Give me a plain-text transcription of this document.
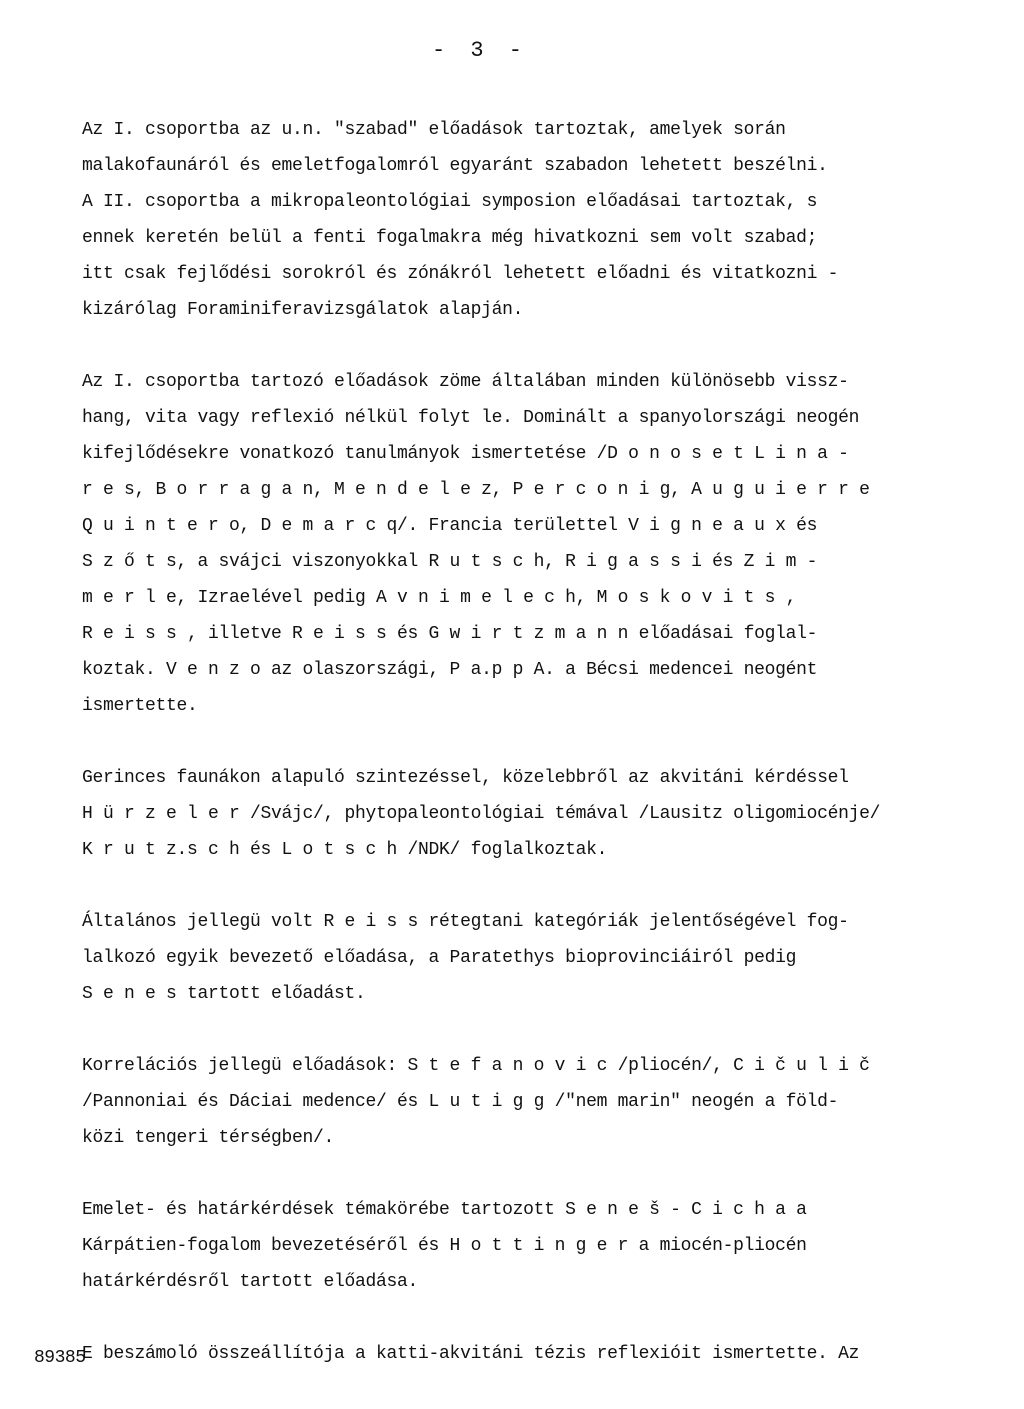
- 3 -
Az I. csoportba az u.n. "szabad" előadások tartoztak, amelyek során
malakofaunáról és emeletfogalomról egyaránt szabadon lehetett beszélni.
A II. csoportba a mikropaleontológiai symposion előadásai tartoztak, s
ennek keretén belül a fenti fogalmakra még hivatkozni sem volt szabad;
itt csak fejlődési sorokról és zónákról lehetett előadni és vitatkozni -
kizárólag Foraminiferavizsgálatok alapján.
Az I. csoportba tartozó előadások zöme általában minden különösebb vissz-
hang, vita vagy reflexió nélkül folyt le. Dominált a spanyolországi neogén
kifejlődésekre vonatkozó tanulmányok ismertetése /D o n o s e t L i n a -
r e s, B o r r a g a n, M e n d e l e z, P e r c o n i g, A u g u i e r r e
Q u i n t e r o, D e m a r c q/. Francia területtel V i g n e a u x és
S z ő t s, a svájci viszonyokkal R u t s c h, R i g a s s i és Z i m -
m e r l e, Izraelével pedig A v n i m e l e c h, M o s k o v i t s ,
R e i s s , illetve R e i s s és G w i r t z m a n n előadásai foglal-
koztak. V e n z o az olaszországi, P a.p p A. a Bécsi medencei neogént
ismertette.
Gerinces faunákon alapuló szintezéssel, közelebbről az akvitáni kérdéssel
H ü r z e l e r /Svájc/, phytopaleontológiai témával /Lausitz oligomiocénje/
K r u t z.s c h és L o t s c h /NDK/ foglalkoztak.
Általános jellegü volt R e i s s rétegtani kategóriák jelentőségével fog-
lalkozó egyik bevezető előadása, a Paratethys bioprovinciáiról pedig
S e n e s tartott előadást.
Korrelációs jellegü előadások: S t e f a n o v i c /pliocén/, C i č u l i č
/Pannoniai és Dáciai medence/ és L u t i g g /"nem marin" neogén a föld-
közi tengeri térségben/.
Emelet- és határkérdések témakörébe tartozott S e n e š - C i c h a a
Kárpátien-fogalom bevezetéséről és H o t t i n g e r a miocén-pliocén
határkérdésről tartott előadása.
E beszámoló összeállítója a katti-akvitáni tézis reflexióit ismertette. Az
89385
